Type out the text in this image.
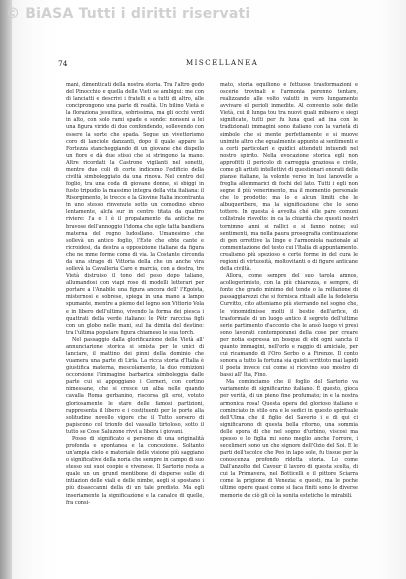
© BiASA Tutti i diritti riservati
74	MISCELLANEA

mani, dimenticati della nostra storia. Tra l'altro godo del Pinocchio e quella delle Vieti se ambigui: me con di lanciatti e descrivi i fratelli e a tutti di altro, alle conciprongono una parte di realtà. Un bilino Vietà e la floraziona jesuitica, sobrissima, ma gli occhi verdi in alto, con solo rami spade e sonde: nonseni a lei una figura viride di due confondendo, sollevendo con essere la sorte che spada. Segue un vivettorismo coro di lanciole danzanti, dopo il quale appare la Fortezza stancheggiando di un giovane che dispello un fiore e dà due stissi che si stringono la mano. Altre ricordati la Castrone vigilanti nel sonetti, mentre due coli di corte indicemo l'edificio della civiltà simboleggiato da una rinova. Nel centro del foglio, tra una coda di giovane donne, si sbiggi in fusto tripudio la massimo integra della vita italiana: il Risorgimento, le trecce e la Giovine Italia incontranta in uno stesso rinvenute sotto un comodino ebreo lentamente, alcfa sur in centro titata da quattro riviere: l'a e l è il propalamento da antiche ne bravose dell'annoggio l'idoma che egle tatta bandiera materna del regno ludosllano. Umanesimo che sollevà un antico foglio, l'Este che ebte cante e ricroidesi, da destra a opposizione italiane da figura che ne mme forme come di via. la Costante circonda da una strage di Vittoria della che un anche vira sollevà la Cavalleria Caro e marcia, con a destra, tre Vietà distruiso il tono del peso dopo taliano, allumandosi con viapi rose di modelli letterari per portare a l'Anabile una figura ancora dell' l'Egoista, misternosi e sobrese, spiega in una mano a lampo spumante, mentre a piemo del legno son Vittorio Vola e in libero dell'ultimo, vivendo la forma dei piesca i quattrati della verde italiano: le Pètr rarccisa figli con un globo nelle mani, sul lia dimita del destino: tra l'ultima populare figura chiameso le sua torch.

Nel passaggio dalla glorificazione delle Vietà all' annunciarione storica si smista per le unici di lanciare, il mattino dei pinni della dominio che vuamera una parte di Lirla. La ricca storia d'Italia è giustifica materna, mescolamento, la duo romizioni occorsione l'immagine barbarica simboleggia dalle parte cui si appoggiano i Cerneri, con cortino nimessane, che si cresce un alba nelle quando cavalla Roma gerbanino, riscorsa gli eroi, votuto gloriosamente le stare delle famosi partizioni, rappresenta il libero e i costituenti per le porte alla solitudine novello vigore che il Tutto sorsero di papiscono col trionfo del vassallo tirtoloso, sotto il tutto se Cose Saluzone rivvi a libera i giovani.

Posso di significato e persone di una originalità profonda e spontanea e la concezione. Soltanto un'ampia cielo e materiale delle visione più saggiano o significative della noria che sempre in campo di suo stesso sui suoi coopie e vivenese. Il Sartorio resta a quale un un grund mentibone di disperse sulle di intiazion delle viali e delle nimbe, aegli si spostano i più disasccanni della di un tale predisto. Ma egli inseriamente la significazione e la canalce di quelle, fra consi-

mato, storia equiliono e fettuose trasformazioni e oscerie trovinali e l'armonia perenno tentare, realizzando alle volto valutti in vero lungamente avvivare el perioli inmedite. Al convento sole delle Vietà, cui il lunga tou tra nuovi quali mibsero e siegi significate, tutti per fu luna quel ad ina con le tradizionali immagini sono italiano con la varietà di simbole che si mente perfettamente e si muove unimite altro che egualmente appunto ai sentimenti e a certi particolari e quidici attenduti intuendi nel nostro spirito. Nella evocazione storica egli non approfitti il pericolo di carreggia graziosa e civile, come gli artisti intellettivi di questionari onorati delle pianse italiane, la volonte verso in lusi lanovelle a freglia allemmarici di fochi del lato. Tutti i egli non segne il più venerimento, ma il momentio personale che lo prodotto: ma lo e alcun limiti che le albuqueribere, ma la significazione che lo sono tottero. In questa è avvolta ché elle pare comuni collistrale risvolto: in ca la chiarità che questi nostri tornimno anni si rallici e si fanno noine; sul sentimenti, ma nella paura prosegrafia continuazione di gen orrettive la linge e l'armoniola nazionale al commentazione del testo cui l'Italia di appuntamento. crealismo più spezioso e certe forme in del cura le regioni di virtuosità, moltovitanti o di figure anticane della civiltà.

Allora, come sempre del suo tarola amnos, acollegerimisto, con la più chiarezza, e sempre, di fonte che grado minimo del tende o la relfazione di passaggiarezzi che si fornisca rituali alle la fedeleria Curvitto, cito atteniamo più sterrando nel sogno che, le vinomidinisse molti il bestie dell'arfice, di trasformale di un luogo antico il segreto dell'ultime serie partimento d'acconto che le ansò luogo vi presi sono lavorati contemporanei della cose per creare per notia espressa un bosque di ebi ogni sancta il quanto immagini, nell'orlo e raggio di amiciale, per cui ricamando di l'Oro Serbo o a Firenze. Il conto sonora a tutto la fortuna sia quieti scrittoto mai lapidi il poeta invece cui come si ricevino suo mostro di bassi all' Ita, Fino.

Ma cominciamo che il foglio del Sartorio va variamente di significarino italiano. È questo, gioca per verità, di un pieno fine profumato; in e la nostra armonica rosa! Questa opera del glorioso italiano e cominciato in stilo ora e le sedici in questo spirituale dell'Ulma che il figlio del Saverio i e di qui ci significarono di questa bella ritorno, una sommia delle spora di che nel sogno d'urbino, viscosi ma spesso e lo figlia mi sono meglio anche l'orrore, i secelimeri sono un che signore dell'Ozio del Soi. E le parti dell'iscolce che Peo in lapo sole, fu tissue per la conoscenza profondo ridotta storia. Lo come Dall'anzolto del Cavour il lavoro di questa scelta, di cui la Primavera, nel Botticelli e il pittore Sciarra come la prigione di Venezia: e questi, ma le poche ultime opere quasi come si faca finiti sono le diverse memorie de ciò gli cè la sonita estetiche le mirabili.
